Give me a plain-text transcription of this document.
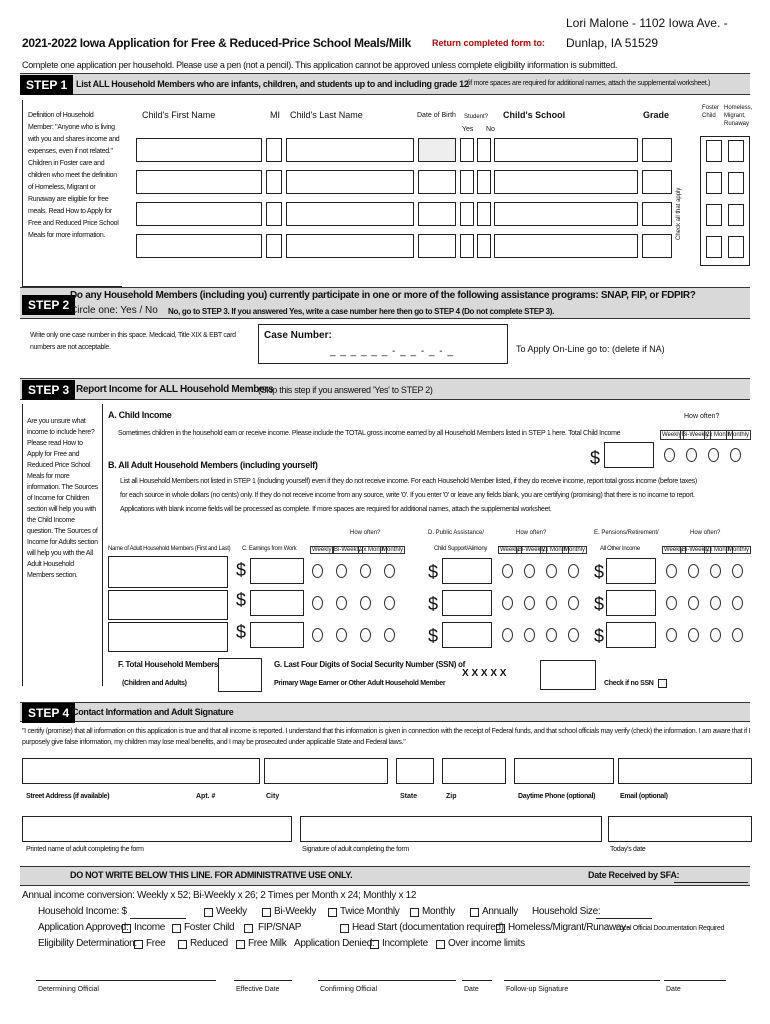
2021-2022 Iowa Application for Free & Reduced-Price School Meals/Milk Return completed form to:
Lori Malone - 1102 Iowa Ave. -
Dunlap, IA 51529
Complete one application per household. Please use a pen (not a pencil). This application cannot be approved unless complete eligibility information is submitted.
STEP 1 List ALL Household Members who are infants, children, and students up to and including grade 12
(if more spaces are required for additional names, attach the supplemental worksheet.)
Definition of Household Member: "Anyone who is living with you and shares income and expenses, even if not related." Children in Foster care and children who meet the definition of Homeless, Migrant or Runaway are eligible for free meals. Read How to Apply for Free and Reduced Price School Meals for more information.
Child's First Name	MI Child's Last Name	Date of Birth Student?
Yes No
Child's School	Grade
Foster Child
Homeless, Migrant, Runaway
Check all that apply
STEP 2
Do any Household Members (including you) currently participate in one or more of the following assistance programs: SNAP, FIP, or FDPIR?
Circle one: Yes / No No, go to STEP 3. If you answered Yes, write a case number here then go to STEP 4 (Do not complete STEP 3).
Write only one case number in this space. Medicaid, Title XIX & EBT card numbers are not acceptable.
Case Number:
_ _ _ _ _ _ - _ _ - _ - _	To Apply On-Line go to: (delete if NA)
STEP 3 Report Income for ALL Household Members
(Skip this step if you answered 'Yes' to STEP 2)
Are you unsure what income to include here? Please read How to Apply for Free and Reduced Price School Meals for more information. The Sources of Income for Children section will help you with the Child Income question. The Sources of Income for Adults section will help you with the All Adult Household Members section.
A. Child Income
Sometimes children in the household earn or receive income. Please include the TOTAL gross income earned by all Household Members listed in STEP 1 here. Total Child Income
How often?
Weekly Bi-Weekly
2x Month
Monthly
$
B. All Adult Household Members (including yourself)
List all Household Members not listed in STEP 1 (including yourself) even if they do not receive income. For each Household Member listed, if they do receive income, report total gross income (before taxes)
for each source in whole dollars (no cents) only. If they do not receive income from any source, write '0'. If you enter '0' or leave any fields blank, you are certifying (promising) that there is no income to report.
Applications with blank income fields will be processed as complete. If more spaces are required for additional names, attach the supplemental worksheet.
How often?	D. Public Assistance/	How often?	E. Pensions/Retirement/	How often?
Name of Adult Household Members (First and Last) C. Earnings from Work	Child Support/Alimony	All Other Income
Weekly Bi-Weekly 2x Month
Monthly	Weekly
Bi-Weekly
2x Month
Monthly	Weekly
Bi-Weekly
2x Month
Monthly
$
$
$
$
$
$
$
$
$
F. Total Household Members
(Children and Adults)
G. Last Four Digits of Social Security Number (SSN) of
Primary Wage Earner or Other Adult Household Member
X X X X X
Check if no SSN
STEP 4 Contact Information and Adult Signature
"I certify (promise) that all information on this application is true and that all income is reported. I understand that this information is given in connection with the receipt of Federal funds, and that school officials may verify (check) the information. I am aware that if I purposely give false information, my children may lose meal benefits, and I may be prosecuted under applicable State and Federal laws."
Street Address (if available)	Apt. #	City	State	Zip	Daytime Phone (optional)	Email (optional)
Printed name of adult completing the form	Signature of adult completing the form	Today's date
DO NOT WRITE BELOW THIS LINE. FOR ADMINISTRATIVE USE ONLY.	Date Received by SFA:
Annual income conversion: Weekly x 52; Bi-Weekly x 26; 2 Times per Month x 24; Monthly x 12
Household Income: $	Weekly	Bi-Weekly Twice Monthly Monthly	Annually Household Size:
Application Approved: Income Foster Child FIP/SNAP	Head Start (documentation required) Homeless/Migrant/Runaway-
Local Official Documentation Required
Eligibility Determination: Free Reduced Free Milk Application Denied: Incomplete Over income limits
Determining Official	Effective Date	Confirming Official	Date	Follow-up Signature	Date
